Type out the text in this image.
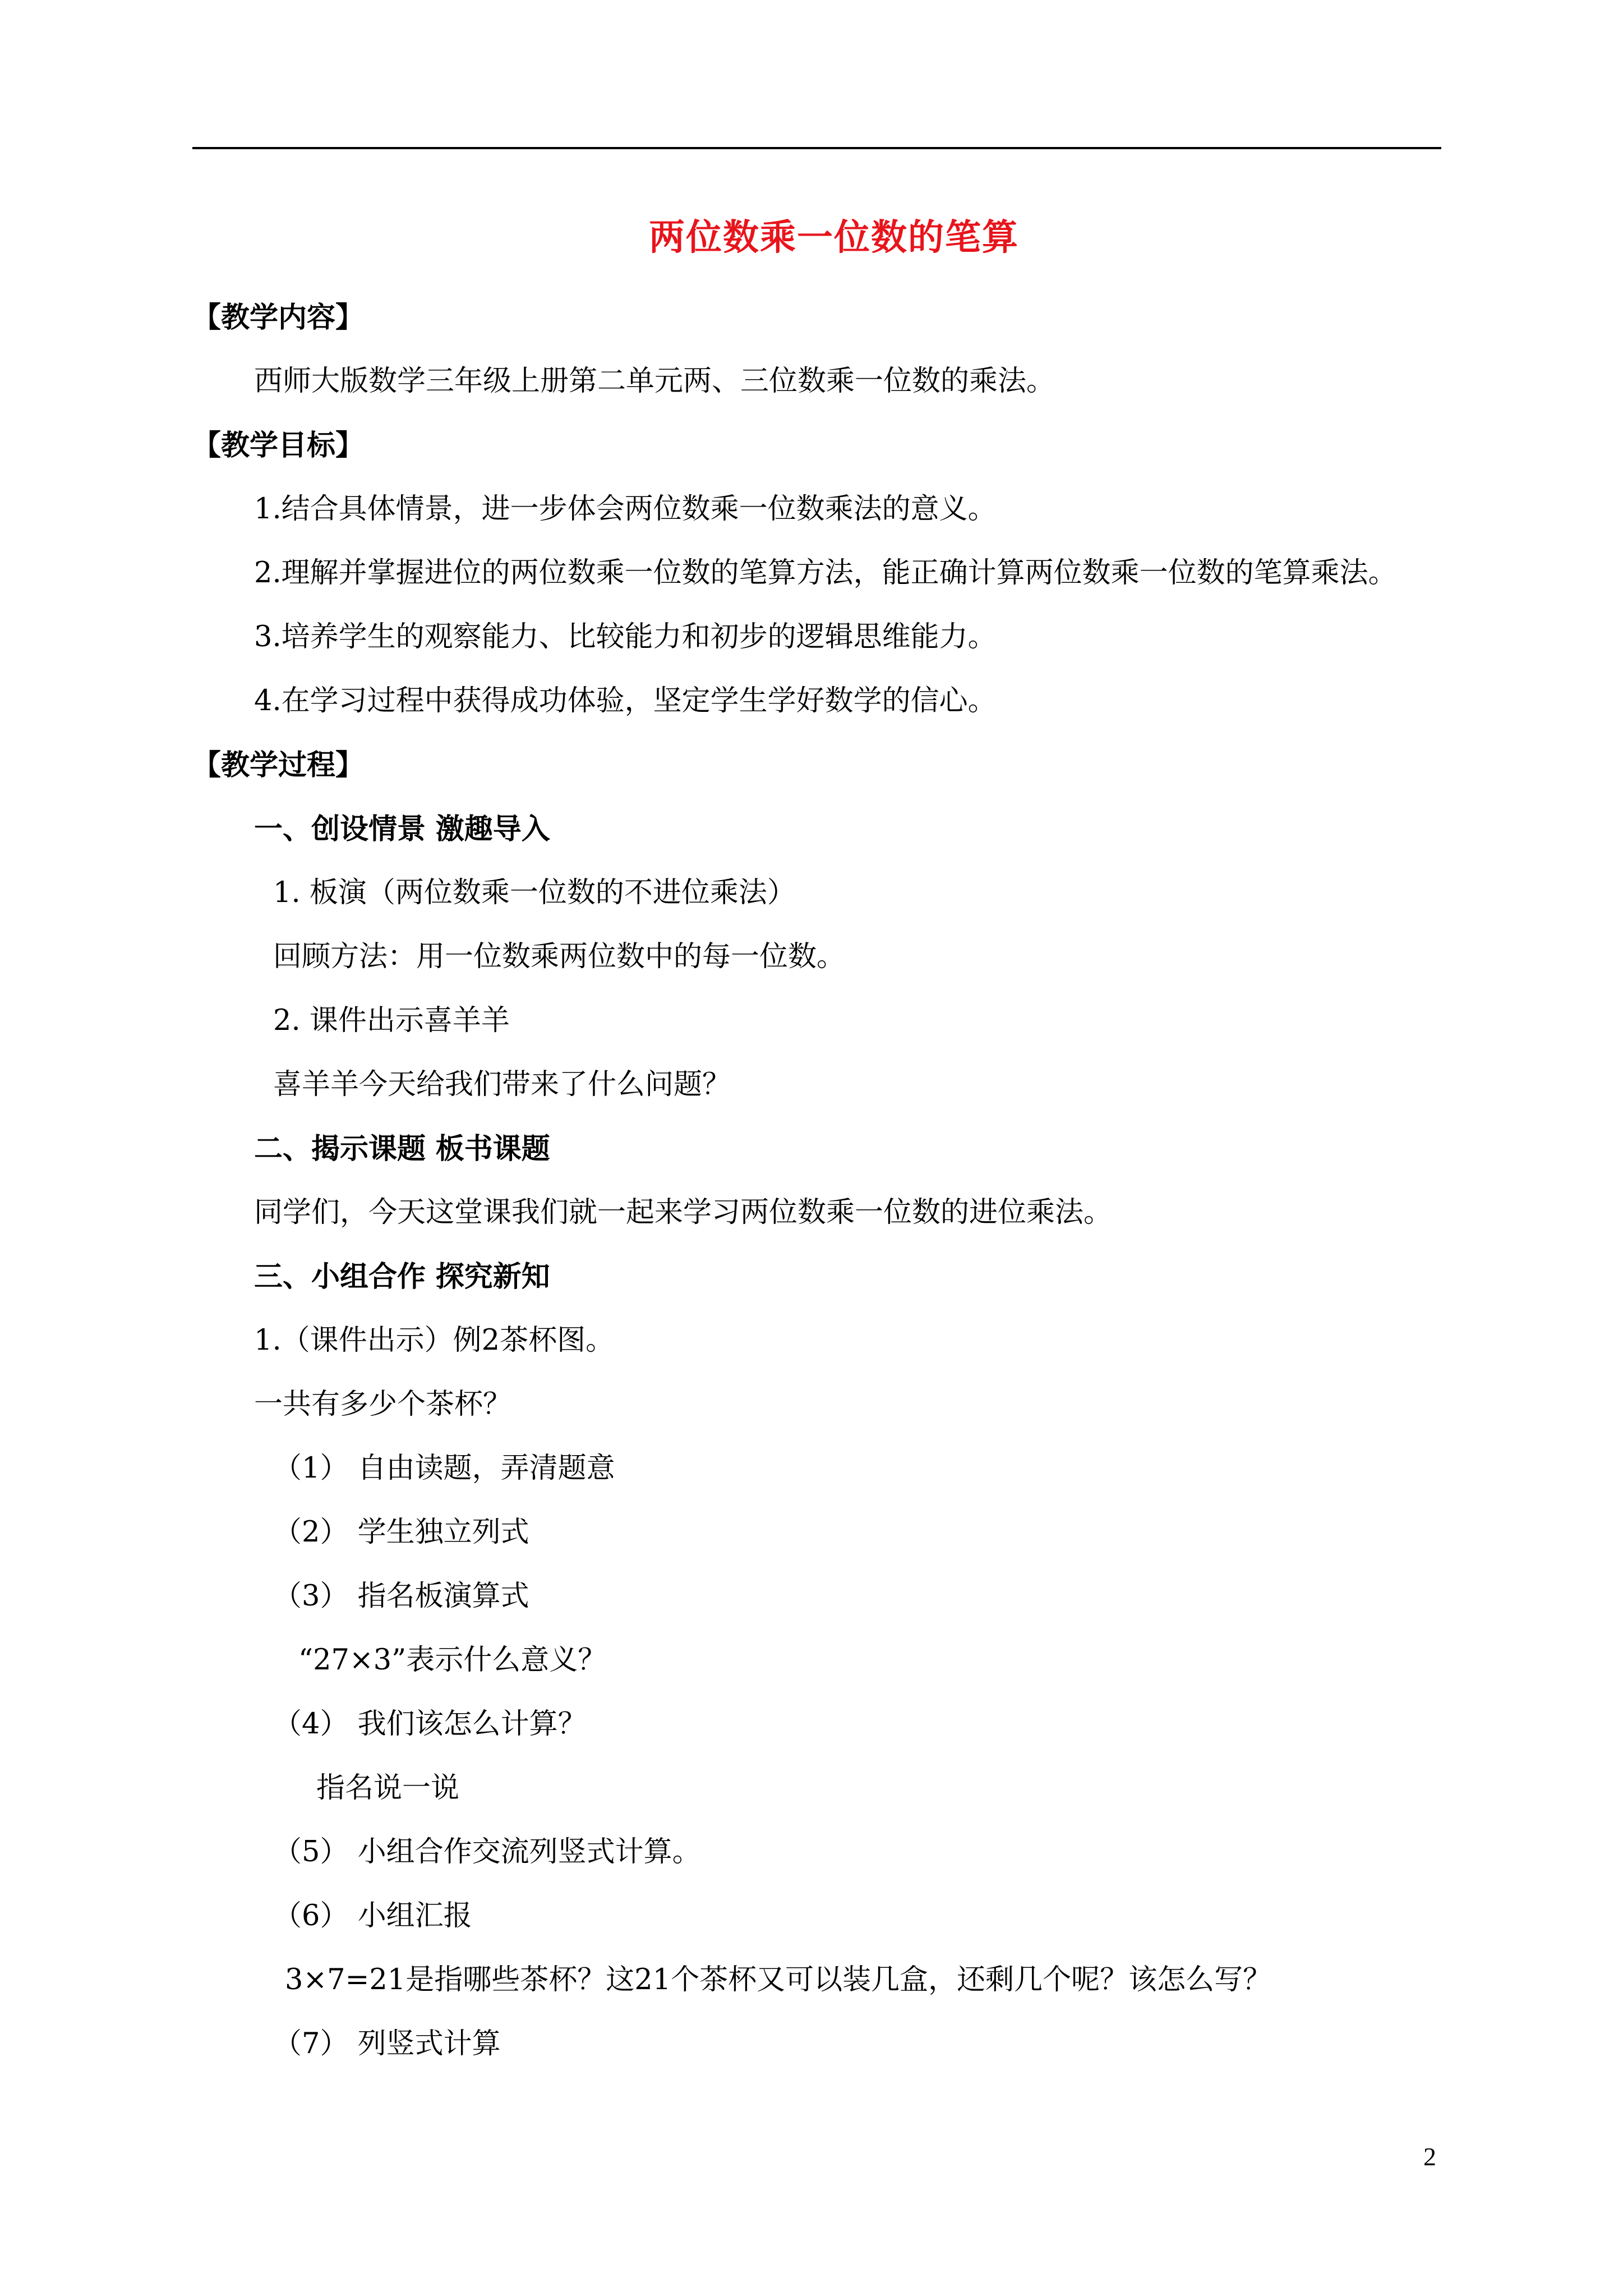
两位数乘一位数的笔算
【教学内容】
西师大版数学三年级上册第二单元两、三位数乘一位数的乘法。
【教学目标】
1.结合具体情景，进一步体会两位数乘一位数乘法的意义。
2.理解并掌握进位的两位数乘一位数的笔算方法，能正确计算两位数乘一位数的笔算乘法。
3.培养学生的观察能力、比较能力和初步的逻辑思维能力。
4.在学习过程中获得成功体验，坚定学生学好数学的信心。
【教学过程】
一、创设情景 激趣导入
1. 板演（两位数乘一位数的不进位乘法）
回顾方法：用一位数乘两位数中的每一位数。
2. 课件出示喜羊羊
喜羊羊今天给我们带来了什么问题？
二、揭示课题 板书课题
同学们，今天这堂课我们就一起来学习两位数乘一位数的进位乘法。
三、小组合作 探究新知
1.（课件出示）例2茶杯图。
一共有多少个茶杯？
（1） 自由读题，弄清题意
（2） 学生独立列式
（3） 指名板演算式
“27×3”表示什么意义？
（4） 我们该怎么计算？
指名说一说
（5） 小组合作交流列竖式计算。
（6） 小组汇报
3×7=21是指哪些茶杯？这21个茶杯又可以装几盒，还剩几个呢？该怎么写？
（7） 列竖式计算
2
